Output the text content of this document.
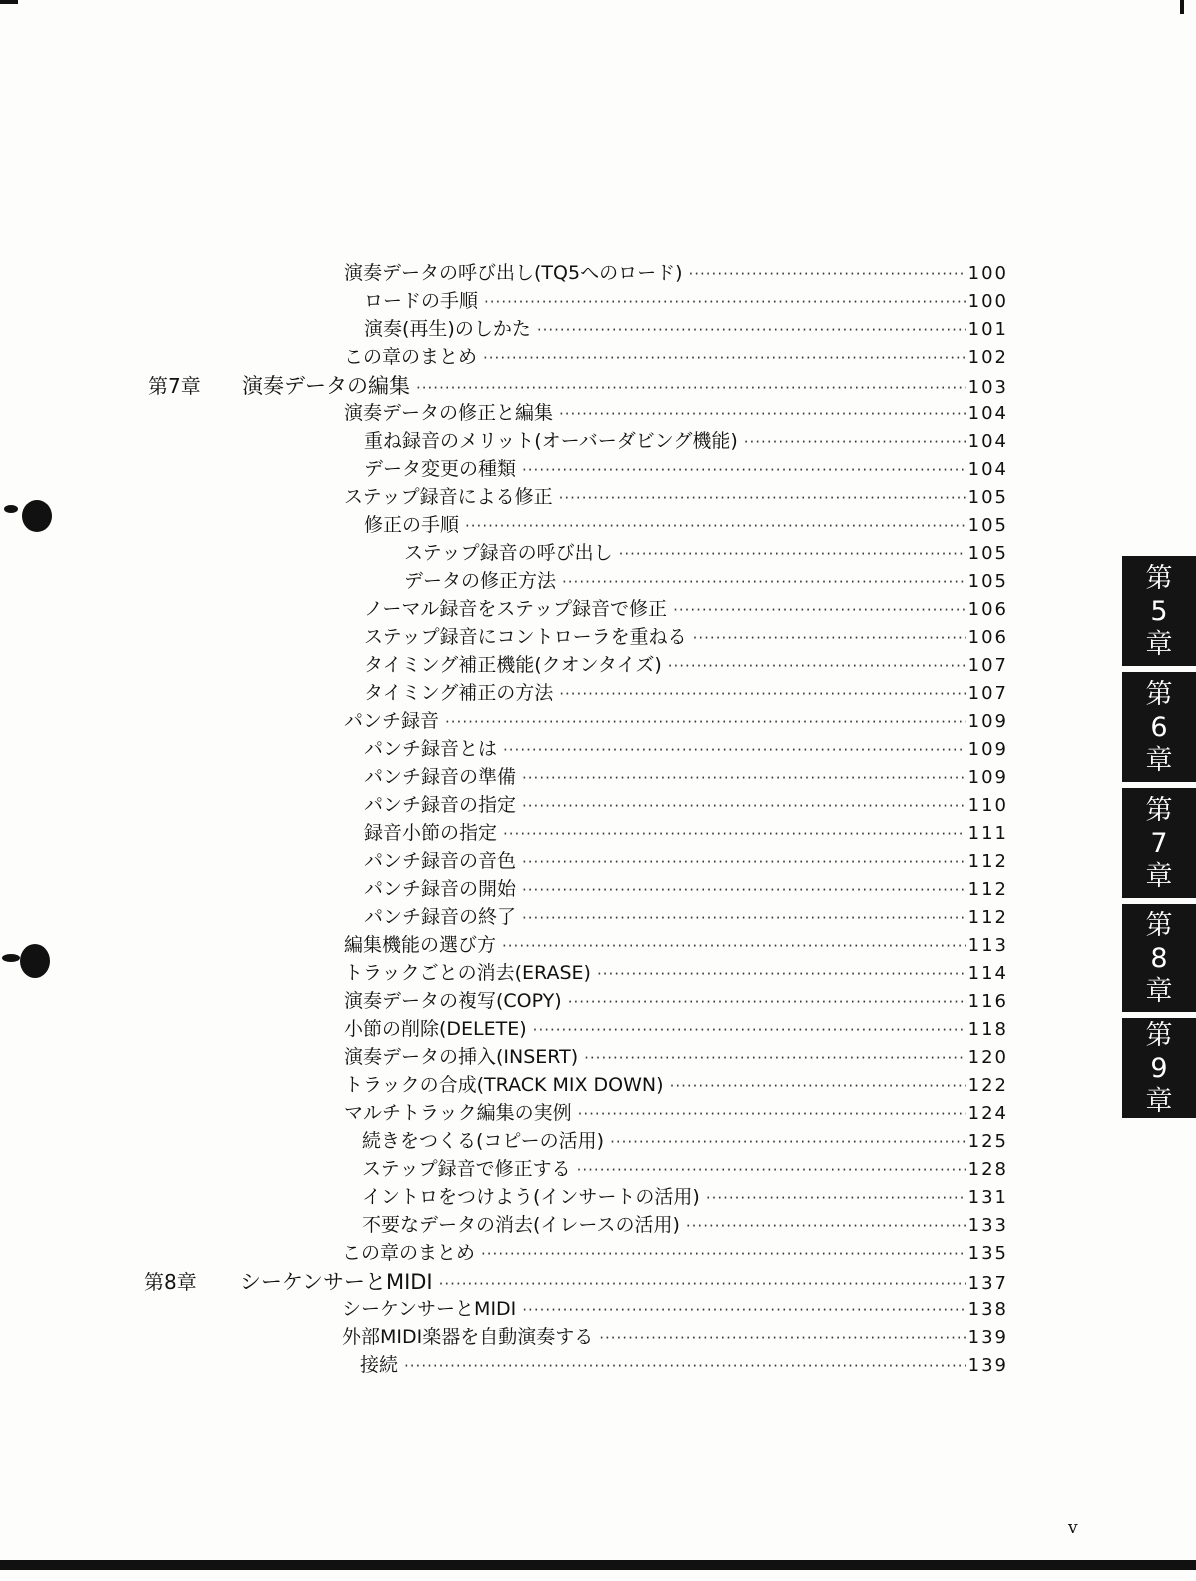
演奏データの呼び出し(TQ5へのロード) ·····	100
ロードの手順 ·····	100
演奏(再生)のしかた ·····	101
この章のまとめ ·····	102
第7章 演奏データの編集 ·····	103
演奏データの修正と編集 ·····	104
重ね録音のメリット(オーバーダビング機能) ·····	104
データ変更の種類 ·····	104
ステップ録音による修正 ·····	105
修正の手順 ·····	105
ステップ録音の呼び出し ·····	105
データの修正方法 ·····	105
ノーマル録音をステップ録音で修正 ·····	106
ステップ録音にコントローラを重ねる ·····	106
タイミング補正機能(クオンタイズ) ·····	107
タイミング補正の方法 ·····	107
パンチ録音 ·····	109
パンチ録音とは ·····	109
パンチ録音の準備 ·····	109
パンチ録音の指定 ·····	110
録音小節の指定 ·····	111
パンチ録音の音色 ·····	112
パンチ録音の開始 ·····	112
パンチ録音の終了 ·····	112
編集機能の選び方 ·····	113
トラックごとの消去(ERASE) ·····	114
演奏データの複写(COPY) ·····	116
小節の削除(DELETE) ·····	118
演奏データの挿入(INSERT) ·····	120
トラックの合成(TRACK MIX DOWN) ·····	122
マルチトラック編集の実例 ·····	124
続きをつくる(コピーの活用) ·····	125
ステップ録音で修正する ·····	128
イントロをつけよう(インサートの活用) ·····	131
不要なデータの消去(イレースの活用) ·····	133
この章のまとめ ·····	135
第8章 シーケンサーとMIDI ·····	137
シーケンサーとMIDI ·····	138
外部MIDI楽器を自動演奏する ·····	139
接続 ·····	139
第
5
章
第
6
章
第
7
章
第
8
章
第
9
章
v
